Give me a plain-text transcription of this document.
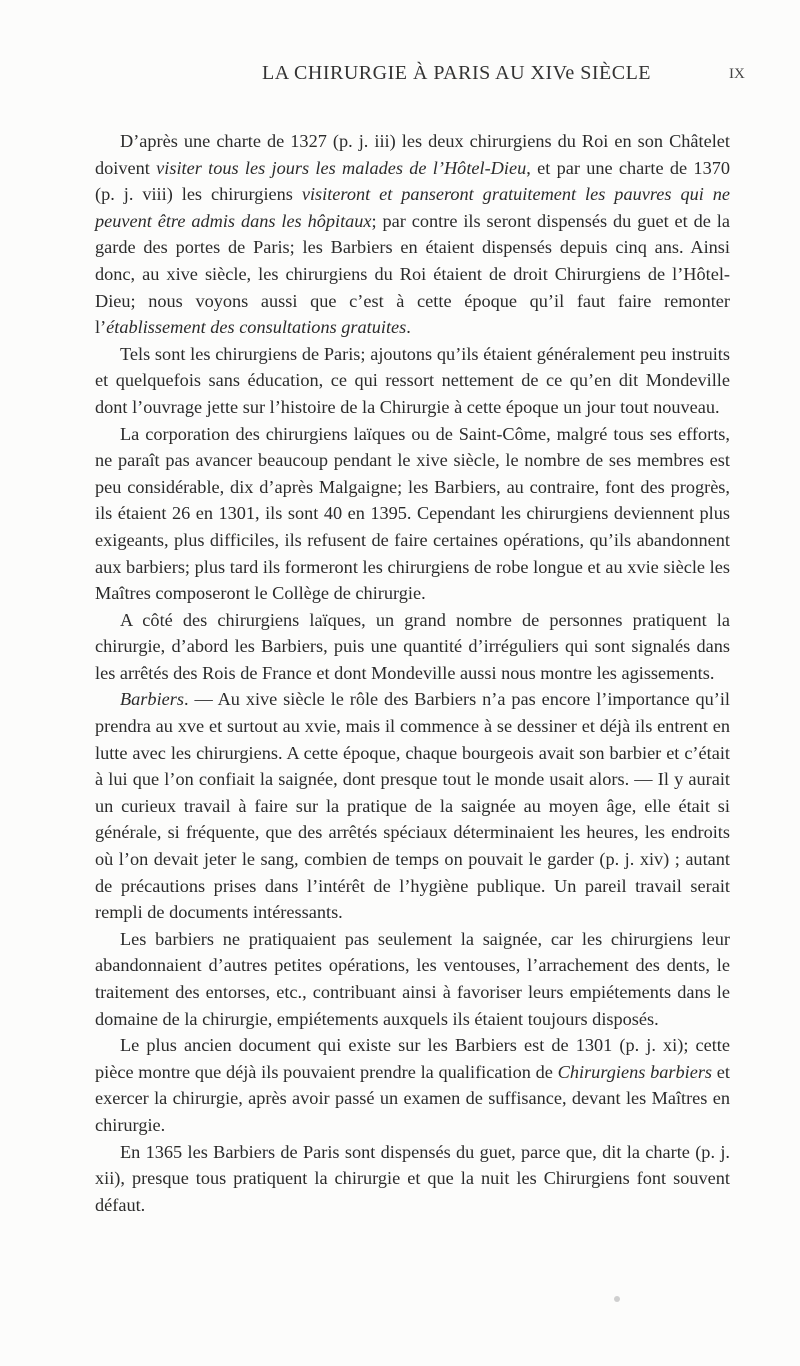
LA CHIRURGIE À PARIS AU XIVe SIÈCLE	IX

D’après une charte de 1327 (p. j. iii) les deux chirurgiens du Roi en son Châtelet doivent visiter tous les jours les malades de l’Hôtel-Dieu, et par une charte de 1370 (p. j. viii) les chirurgiens visiteront et panseront gratuitement les pauvres qui ne peuvent être admis dans les hôpitaux; par contre ils seront dispensés du guet et de la garde des portes de Paris; les Barbiers en étaient dispensés depuis cinq ans. Ainsi donc, au xive siècle, les chirurgiens du Roi étaient de droit Chirurgiens de l’Hôtel-Dieu; nous voyons aussi que c’est à cette époque qu’il faut faire remonter l’établissement des consultations gratuites.

Tels sont les chirurgiens de Paris; ajoutons qu’ils étaient généralement peu instruits et quelquefois sans éducation, ce qui ressort nettement de ce qu’en dit Mondeville dont l’ouvrage jette sur l’histoire de la Chirurgie à cette époque un jour tout nouveau.

La corporation des chirurgiens laïques ou de Saint-Côme, malgré tous ses efforts, ne paraît pas avancer beaucoup pendant le xive siècle, le nombre de ses membres est peu considérable, dix d’après Malgaigne; les Barbiers, au contraire, font des progrès, ils étaient 26 en 1301, ils sont 40 en 1395. Cependant les chirurgiens deviennent plus exigeants, plus difficiles, ils refusent de faire certaines opérations, qu’ils abandonnent aux barbiers; plus tard ils formeront les chirurgiens de robe longue et au xvie siècle les Maîtres composeront le Collège de chirurgie.

A côté des chirurgiens laïques, un grand nombre de personnes pratiquent la chirurgie, d’abord les Barbiers, puis une quantité d’irréguliers qui sont signalés dans les arrêtés des Rois de France et dont Mondeville aussi nous montre les agissements.

Barbiers. — Au xive siècle le rôle des Barbiers n’a pas encore l’importance qu’il prendra au xve et surtout au xvie, mais il commence à se dessiner et déjà ils entrent en lutte avec les chirurgiens. A cette époque, chaque bourgeois avait son barbier et c’était à lui que l’on confiait la saignée, dont presque tout le monde usait alors. — Il y aurait un curieux travail à faire sur la pratique de la saignée au moyen âge, elle était si générale, si fréquente, que des arrêtés spéciaux déterminaient les heures, les endroits où l’on devait jeter le sang, combien de temps on pouvait le garder (p. j. xiv) ; autant de précautions prises dans l’intérêt de l’hygiène publique. Un pareil travail serait rempli de documents intéressants.

Les barbiers ne pratiquaient pas seulement la saignée, car les chirurgiens leur abandonnaient d’autres petites opérations, les ventouses, l’arrachement des dents, le traitement des entorses, etc., contribuant ainsi à favoriser leurs empiétements dans le domaine de la chirurgie, empiétements auxquels ils étaient toujours disposés.

Le plus ancien document qui existe sur les Barbiers est de 1301 (p. j. xi); cette pièce montre que déjà ils pouvaient prendre la qualification de Chirurgiens barbiers et exercer la chirurgie, après avoir passé un examen de suffisance, devant les Maîtres en chirurgie.

En 1365 les Barbiers de Paris sont dispensés du guet, parce que, dit la charte (p. j. xii), presque tous pratiquent la chirurgie et que la nuit les Chirurgiens font souvent défaut.
